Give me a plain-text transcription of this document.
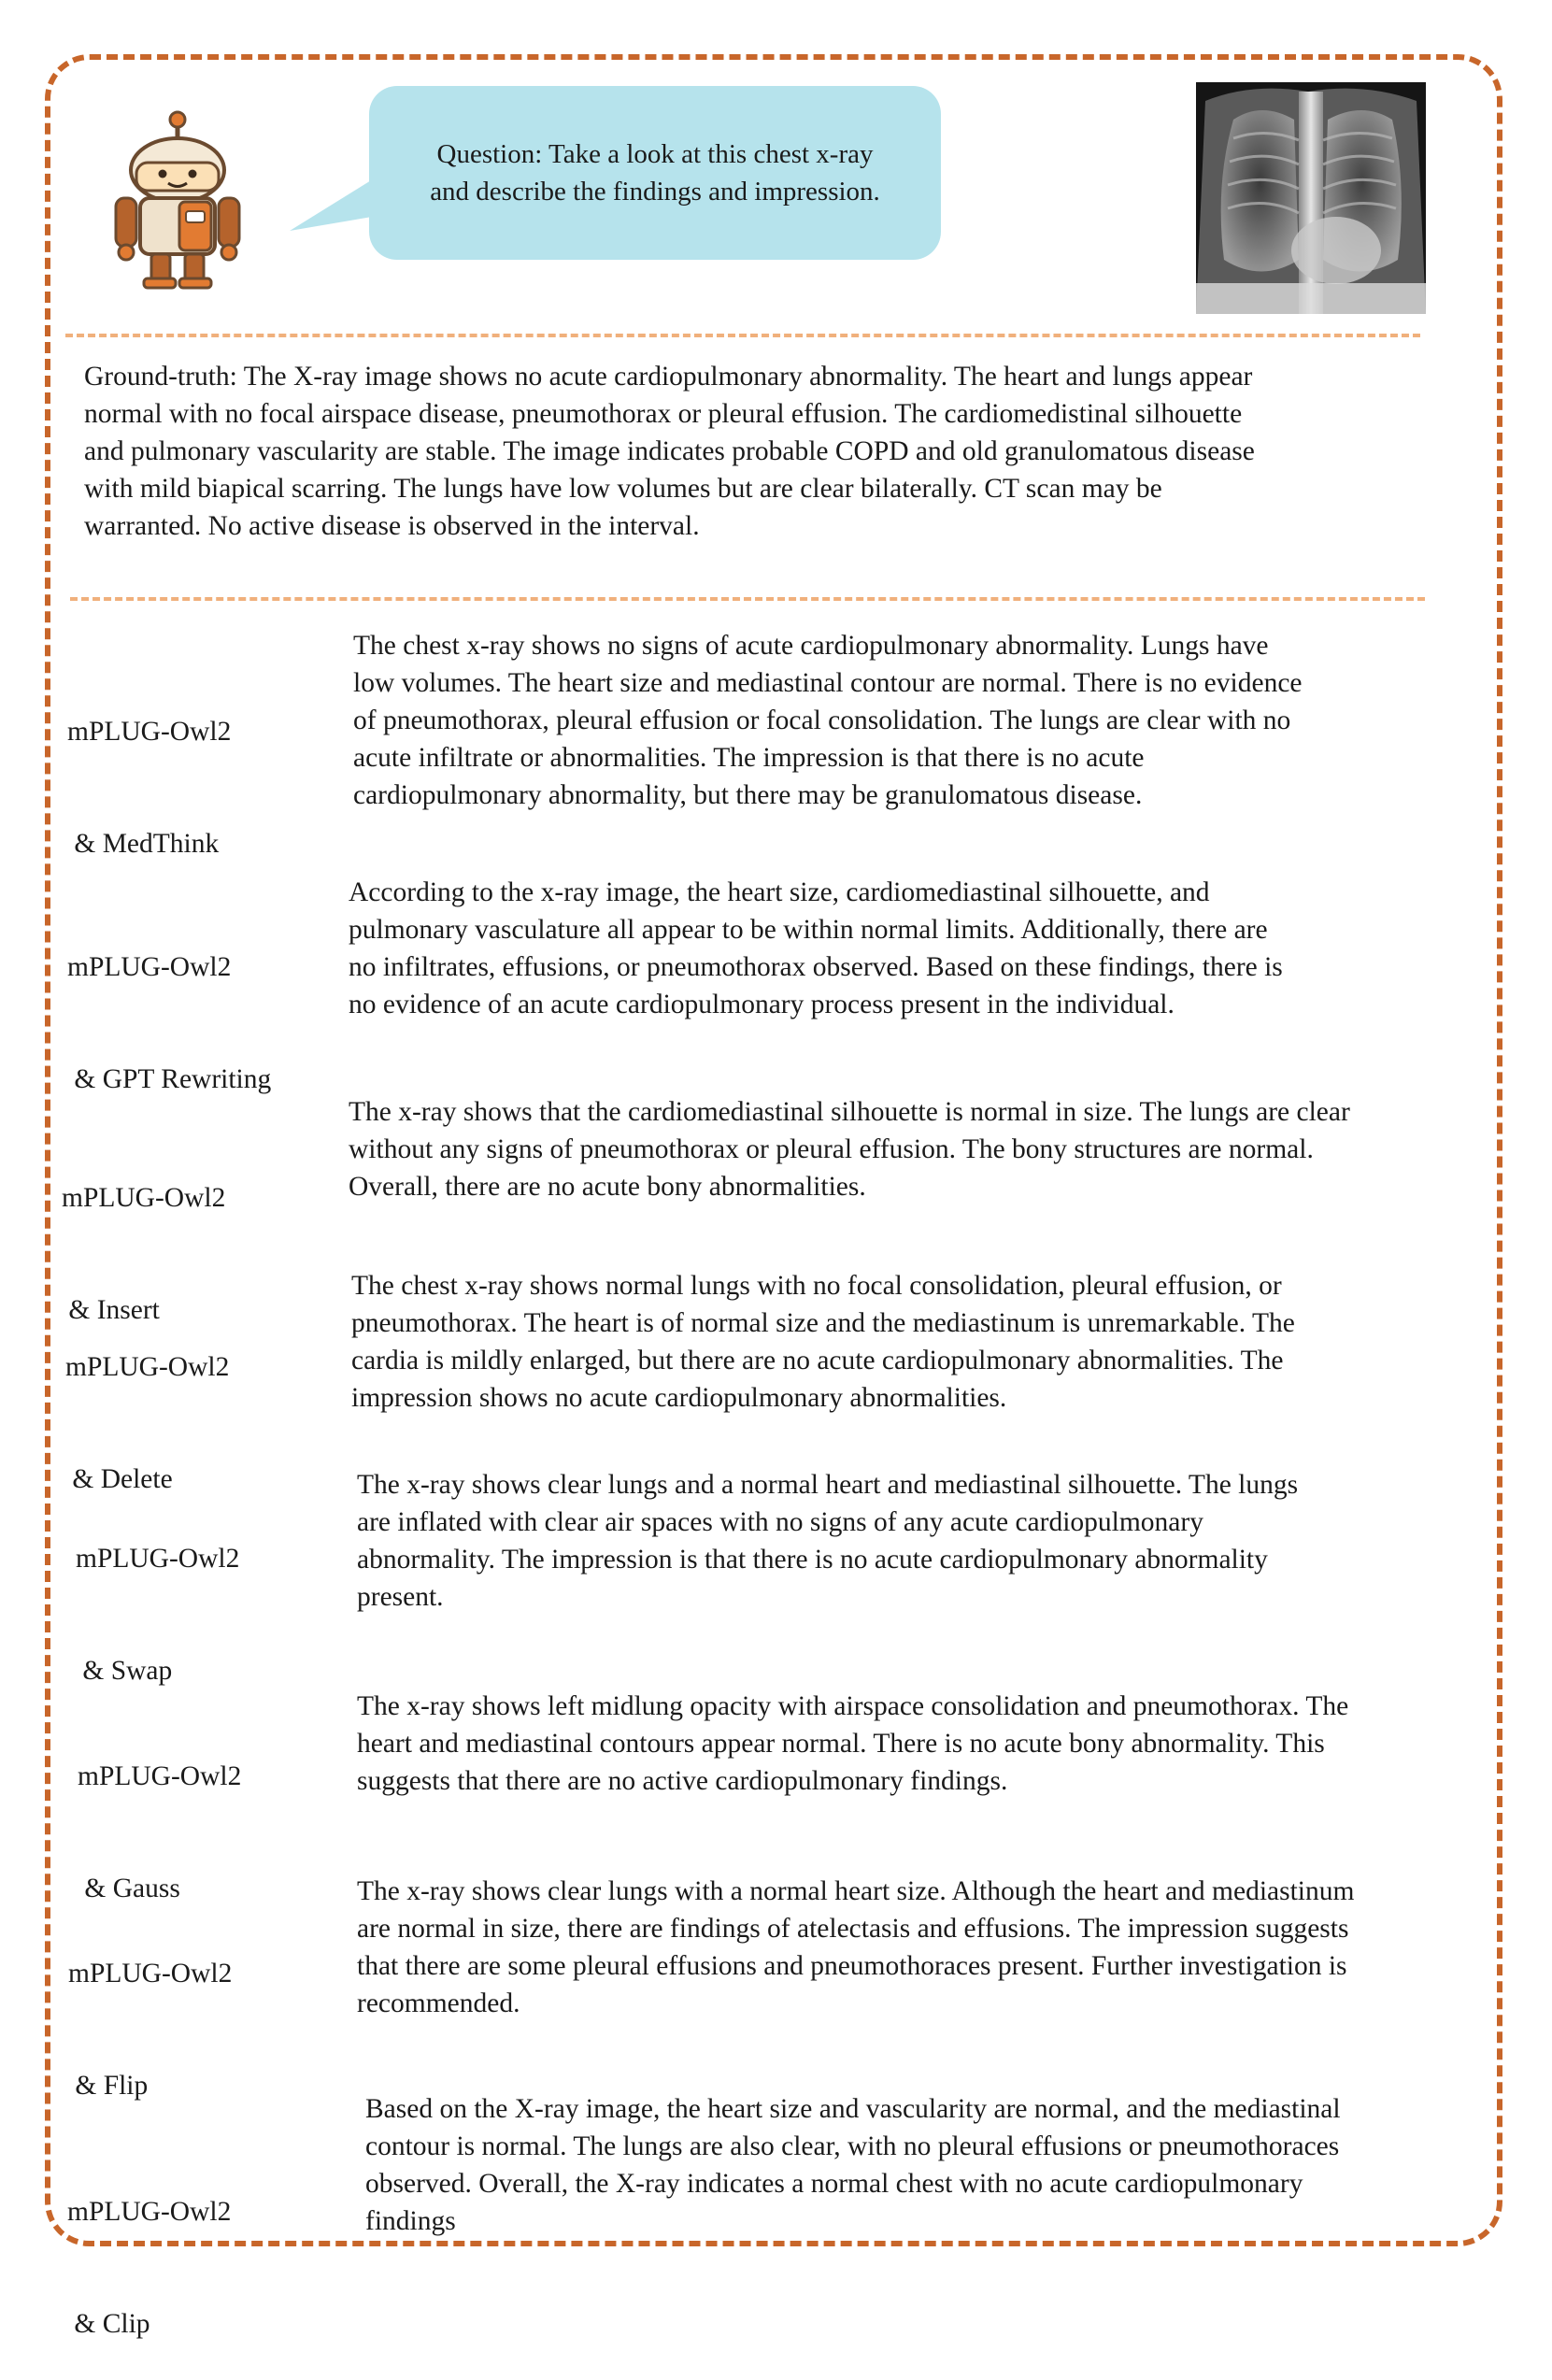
Question: Take a look at this chest x-ray
and describe the findings and impression.
Ground-truth: The X-ray image shows no acute cardiopulmonary abnormality. The heart and lungs appear
normal with no focal airspace disease, pneumothorax or pleural effusion. The cardiomedistinal silhouette
and pulmonary vascularity are stable. The image indicates probable COPD and old granulomatous disease
with mild biapical scarring. The lungs have low volumes but are clear bilaterally. CT scan may be
warranted. No active disease is observed in the interval.

mPLUG-Owl2

& MedThink

The chest x-ray shows no signs of acute cardiopulmonary abnormality. Lungs have
low volumes. The heart size and mediastinal contour are normal. There is no evidence
of pneumothorax, pleural effusion or focal consolidation. The lungs are clear with no
acute infiltrate or abnormalities. The impression is that there is no acute
cardiopulmonary abnormality, but there may be granulomatous disease.

mPLUG-Owl2

& GPT Rewriting

According to the x-ray image, the heart size, cardiomediastinal silhouette, and
pulmonary vasculature all appear to be within normal limits. Additionally, there are
no infiltrates, effusions, or pneumothorax observed. Based on these findings, there is
no evidence of an acute cardiopulmonary process present in the individual.

mPLUG-Owl2

& Insert

The x-ray shows that the cardiomediastinal silhouette is normal in size. The lungs are clear
without any signs of pneumothorax or pleural effusion. The bony structures are normal.
Overall, there are no acute bony abnormalities.

mPLUG-Owl2

& Delete

The chest x-ray shows normal lungs with no focal consolidation, pleural effusion, or
pneumothorax. The heart is of normal size and the mediastinum is unremarkable. The
cardia is mildly enlarged, but there are no acute cardiopulmonary abnormalities. The
impression shows no acute cardiopulmonary abnormalities.

mPLUG-Owl2

& Swap

The x-ray shows clear lungs and a normal heart and mediastinal silhouette. The lungs
are inflated with clear air spaces with no signs of any acute cardiopulmonary
abnormality. The impression is that there is no acute cardiopulmonary abnormality
present.

mPLUG-Owl2

& Gauss

The x-ray shows left midlung opacity with airspace consolidation and pneumothorax. The
heart and mediastinal contours appear normal. There is no acute bony abnormality. This
suggests that there are no active cardiopulmonary findings.

mPLUG-Owl2

& Flip

The x-ray shows clear lungs with a normal heart size. Although the heart and mediastinum
are normal in size, there are findings of atelectasis and effusions. The impression suggests
that there are some pleural effusions and pneumothoraces present. Further investigation is
recommended.

mPLUG-Owl2

& Clip

Based on the X-ray image, the heart size and vascularity are normal, and the mediastinal
contour is normal. The lungs are also clear, with no pleural effusions or pneumothoraces
observed. Overall, the X-ray indicates a normal chest with no acute cardiopulmonary
findings
